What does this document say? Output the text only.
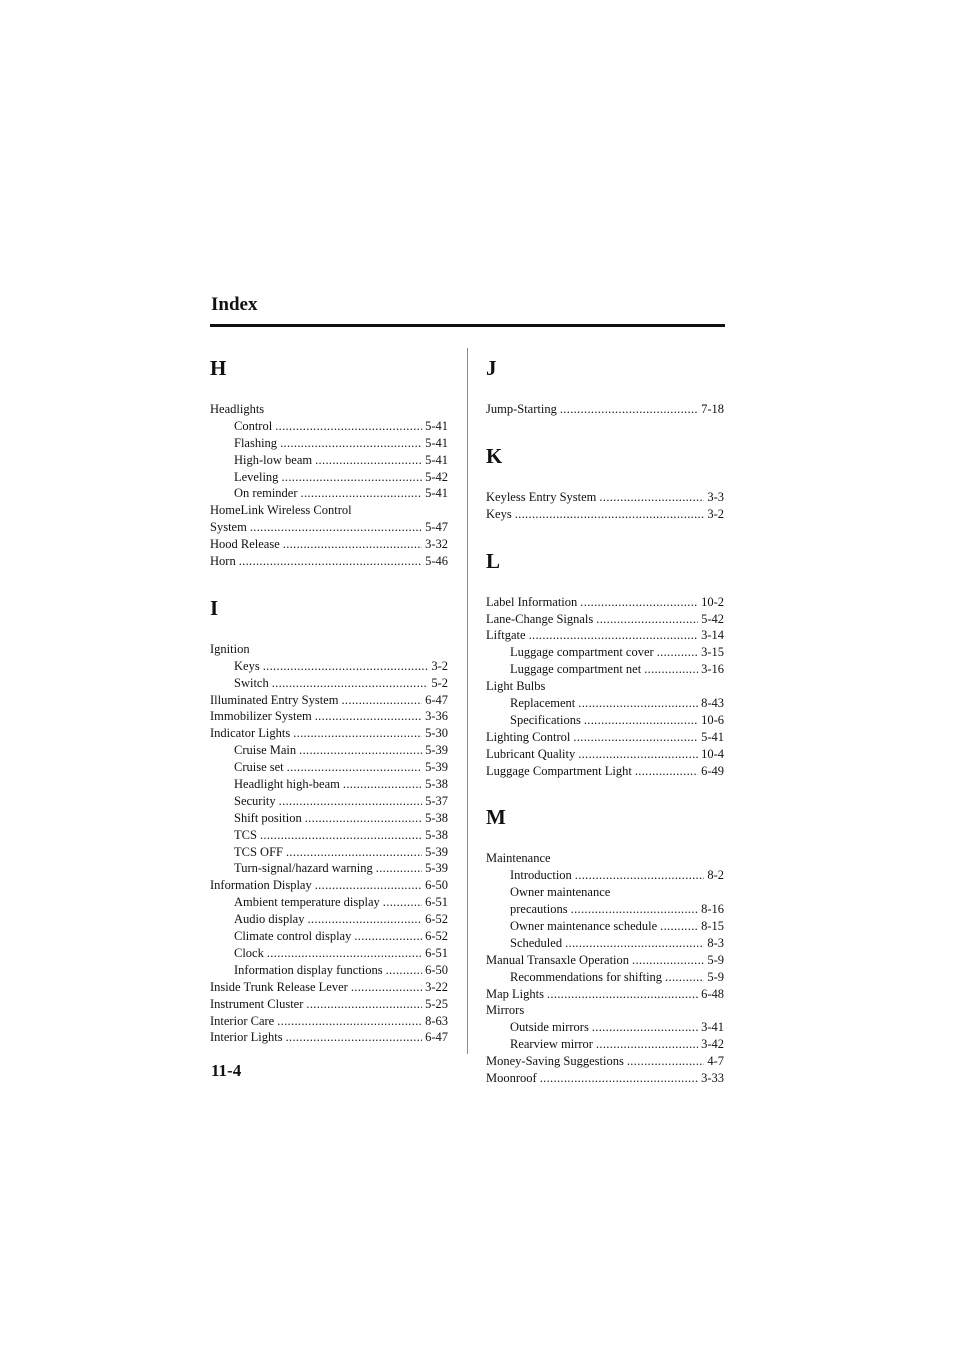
Index
H
Headlights
Control . . .	5-41
Flashing . . .	5-41
High-low beam . . .	5-41
Leveling . . .	5-42
On reminder . . .	5-41
HomeLink Wireless Control
System . . .	5-47
Hood Release . . .	3-32
Horn . . .	5-46
I
Ignition
Keys . . .	3-2
Switch . . .	5-2
Illuminated Entry System . . .	6-47
Immobilizer System . . .	3-36
Indicator Lights . . .	5-30
Cruise Main . . .	5-39
Cruise set . . .	5-39
Headlight high-beam . . .	5-38
Security . . .	5-37
Shift position . . .	5-38
TCS . . .	5-38
TCS OFF . . .	5-39
Turn-signal/hazard warning . . .	5-39
Information Display . . .	6-50
Ambient temperature display . . .	6-51
Audio display . . .	6-52
Climate control display . . .	6-52
Clock . . .	6-51
Information display functions . . .	6-50
Inside Trunk Release Lever . . .	3-22
Instrument Cluster . . .	5-25
Interior Care . . .	8-63
Interior Lights . . .	6-47
J
Jump-Starting . . .	7-18
K
Keyless Entry System . . .	3-3
Keys . . .	3-2
L
Label Information . . .	10-2
Lane-Change Signals . . .	5-42
Liftgate . . .	3-14
Luggage compartment cover . . .	3-15
Luggage compartment net . . .	3-16
Light Bulbs
Replacement . . .	8-43
Specifications . . .	10-6
Lighting Control . . .	5-41
Lubricant Quality . . .	10-4
Luggage Compartment Light . . .	6-49
M
Maintenance
Introduction . . .	8-2
Owner maintenance
precautions . . .	8-16
Owner maintenance schedule . . .	8-15
Scheduled . . .	8-3
Manual Transaxle Operation . . .	5-9
Recommendations for shifting . . .	5-9
Map Lights . . .	6-48
Mirrors
Outside mirrors . . .	3-41
Rearview mirror . . .	3-42
Money-Saving Suggestions . . .	4-7
Moonroof . . .	3-33
11-4
